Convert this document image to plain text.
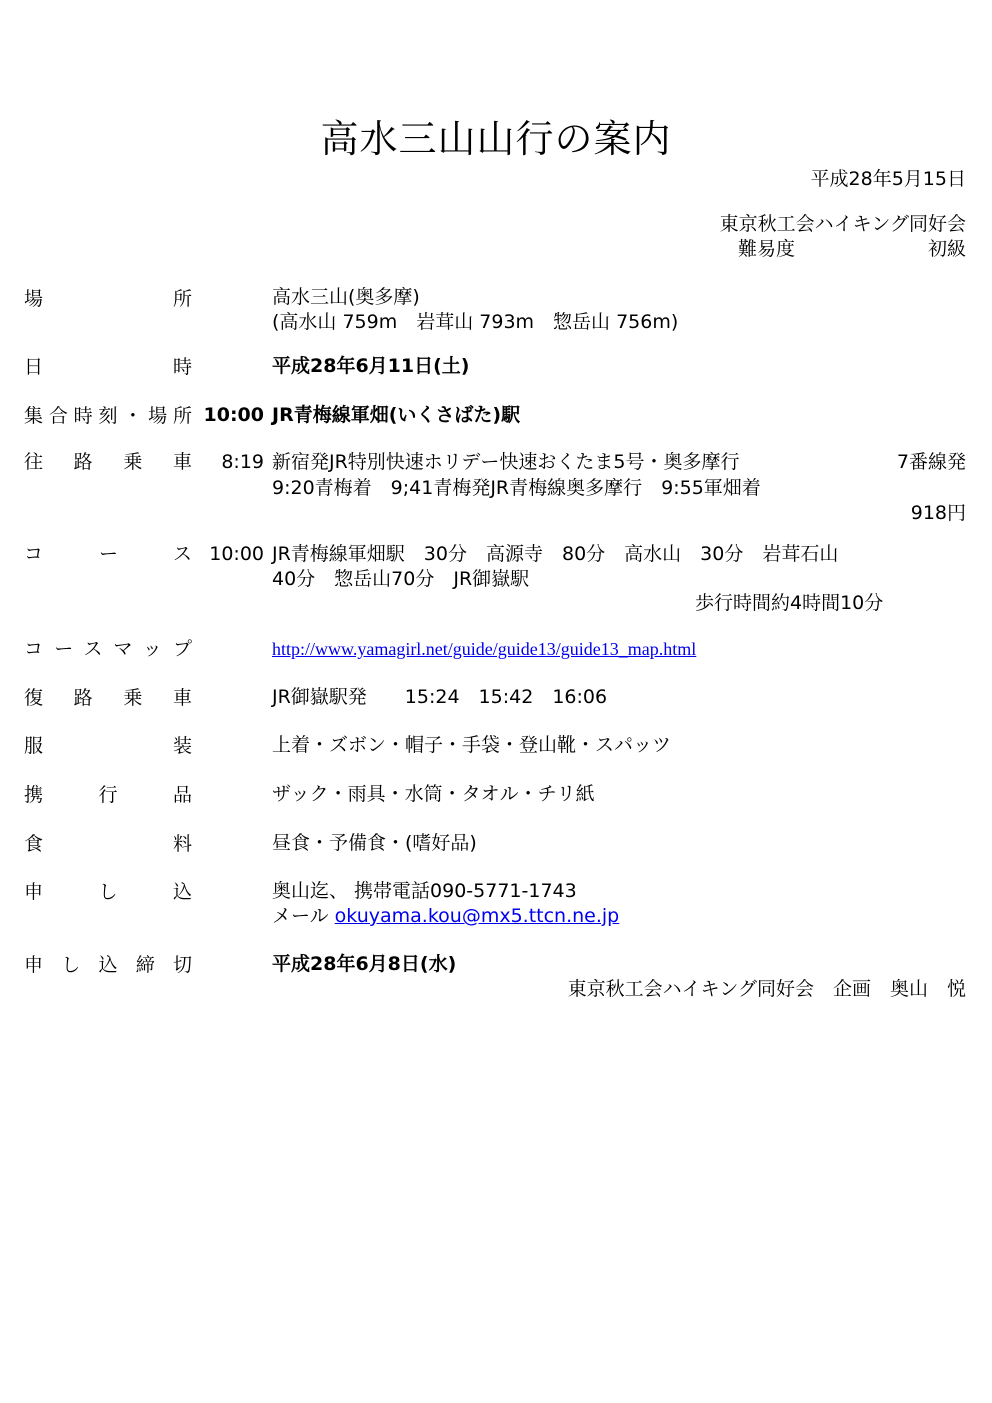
高水三山山行の案内
平成28年5月15日
東京秋工会ハイキング同好会
難易度	初級
場所	高水三山(奥多摩)
(高水山 759m　岩茸山 793m　惣岳山 756m)
日時	平成28年6月11日(土)
集合時刻・場所 10:00 JR青梅線軍畑(いくさばた)駅
往路乗車	8:19 新宿発JR特別快速ホリデー快速おくたま5号・奥多摩行	7番線発
9:20青梅着　9;41青梅発JR青梅線奥多摩行　9:55軍畑着
918円
コース 10:00 JR青梅線軍畑駅　30分　高源寺　80分　高水山　30分　岩茸石山
40分　惣岳山70分　JR御嶽駅
歩行時間約4時間10分
コースマップ	http://www.yamagirl.net/guide/guide13/guide13_map.html
復路乗車	JR御嶽駅発　　15:24　15:42　16:06
服装	上着・ズボン・帽子・手袋・登山靴・スパッツ
携行品	ザック・雨具・水筒・タオル・チリ紙
食料	昼食・予備食・(嗜好品)
申し込	奥山迄、 携帯電話090-5771-1743
メール okuyama.kou@mx5.ttcn.ne.jp
申し込締切	平成28年6月8日(水)
東京秋工会ハイキング同好会　企画　奥山　悦
